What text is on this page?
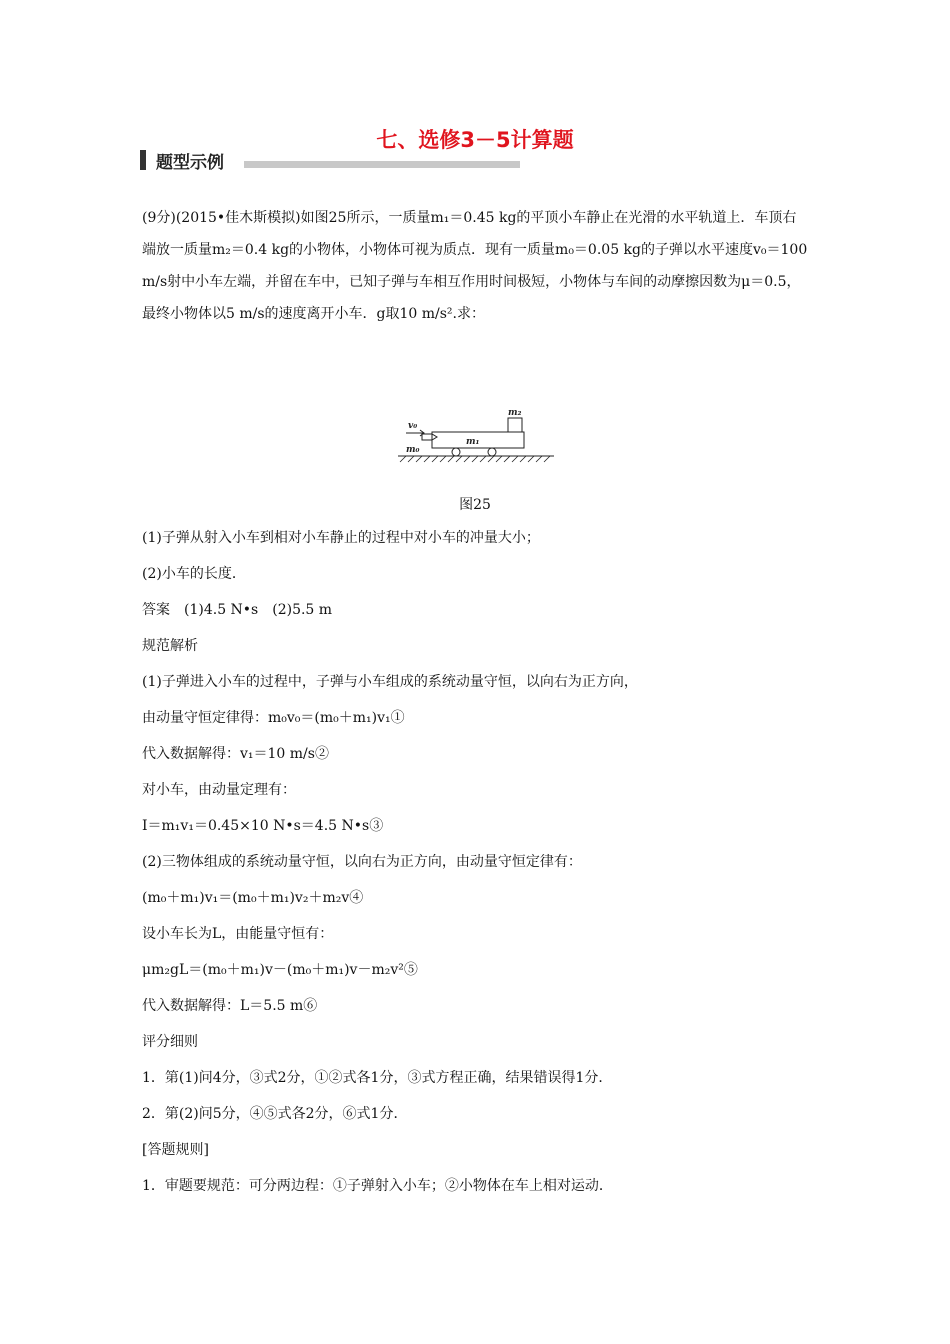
七、选修3－5计算题
题型示例

(9分)(2015•佳木斯模拟)如图25所示，一质量m₁＝0.45 kg的平顶小车静止在光滑的水平轨道上．车顶右端放一质量m₂＝0.4 kg的小物体，小物体可视为质点．现有一质量m₀＝0.05 kg的子弹以水平速度v₀＝100 m/s射中小车左端，并留在车中，已知子弹与车相互作用时间极短，小物体与车间的动摩擦因数为μ＝0.5，最终小物体以5 m/s的速度离开小车．g取10 m/s².求：

v₀
m₀
m₁
m₂
图25
(1)子弹从射入小车到相对小车静止的过程中对小车的冲量大小；
(2)小车的长度．
答案　(1)4.5 N•s　(2)5.5 m
规范解析
(1)子弹进入小车的过程中，子弹与小车组成的系统动量守恒，以向右为正方向，
由动量守恒定律得：m₀v₀＝(m₀＋m₁)v₁①
代入数据解得：v₁＝10 m/s②
对小车，由动量定理有：
I＝m₁v₁＝0.45×10 N•s＝4.5 N•s③
(2)三物体组成的系统动量守恒，以向右为正方向，由动量守恒定律有：
(m₀＋m₁)v₁＝(m₀＋m₁)v₂＋m₂v④
设小车长为L，由能量守恒有：
μm₂gL＝(m₀＋m₁)v－(m₀＋m₁)v－m₂v²⑤
代入数据解得：L＝5.5 m⑥
评分细则
1．第(1)问4分，③式2分，①②式各1分，③式方程正确，结果错误得1分．
2．第(2)问5分，④⑤式各2分，⑥式1分．
[答题规则]
1．审题要规范：可分两边程：①子弹射入小车；②小物体在车上相对运动．
